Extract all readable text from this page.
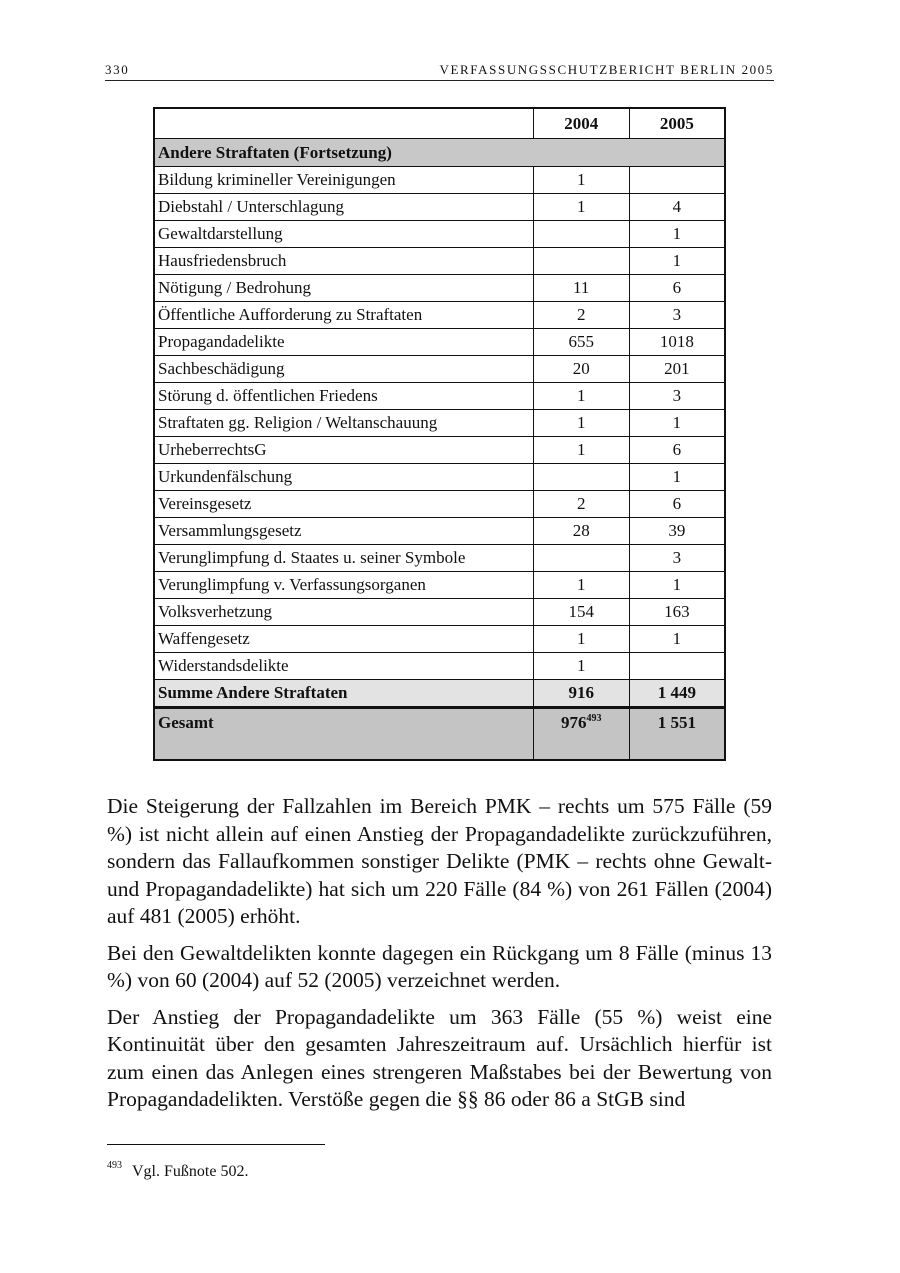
330	VERFASSUNGSSCHUTZBERICHT BERLIN 2005
	2004	2005
Andere Straftaten (Fortsetzung)		
Bildung krimineller Vereinigungen	1	
Diebstahl / Unterschlagung	1	4
Gewaltdarstellung		1
Hausfriedensbruch		1
Nötigung / Bedrohung	11	6
Öffentliche Aufforderung zu Straftaten	2	3
Propagandadelikte	655	1018
Sachbeschädigung	20	201
Störung d. öffentlichen Friedens	1	3
Straftaten gg. Religion / Weltanschauung	1	1
UrheberrechtsG	1	6
Urkundenfälschung		1
Vereinsgesetz	2	6
Versammlungsgesetz	28	39
Verunglimpfung d. Staates u. seiner Symbole		3
Verunglimpfung v. Verfassungsorganen	1	1
Volksverhetzung	154	163
Waffengesetz	1	1
Widerstandsdelikte	1	
Summe Andere Straftaten	916	1 449
Gesamt	976$^{493}$	1 551

Die Steigerung der Fallzahlen im Bereich PMK – rechts um 575 Fälle (59 %) ist nicht allein auf einen Anstieg der Propagandadelikte zurückzuführen, sondern das Fallaufkommen sonstiger Delikte (PMK – rechts ohne Gewalt- und Propagandadelikte) hat sich um 220 Fälle (84 %) von 261 Fällen (2004) auf 481 (2005) erhöht.

Bei den Gewaltdelikten konnte dagegen ein Rückgang um 8 Fälle (minus 13 %) von 60 (2004) auf 52 (2005) verzeichnet werden.

Der Anstieg der Propagandadelikte um 363 Fälle (55 %) weist eine Kontinuität über den gesamten Jahreszeitraum auf. Ursächlich hierfür ist zum einen das Anlegen eines strengeren Maßstabes bei der Bewertung von Propagandadelikten. Verstöße gegen die §§ 86 oder 86 a StGB sind

$^{493}$ Vgl. Fußnote 502.
